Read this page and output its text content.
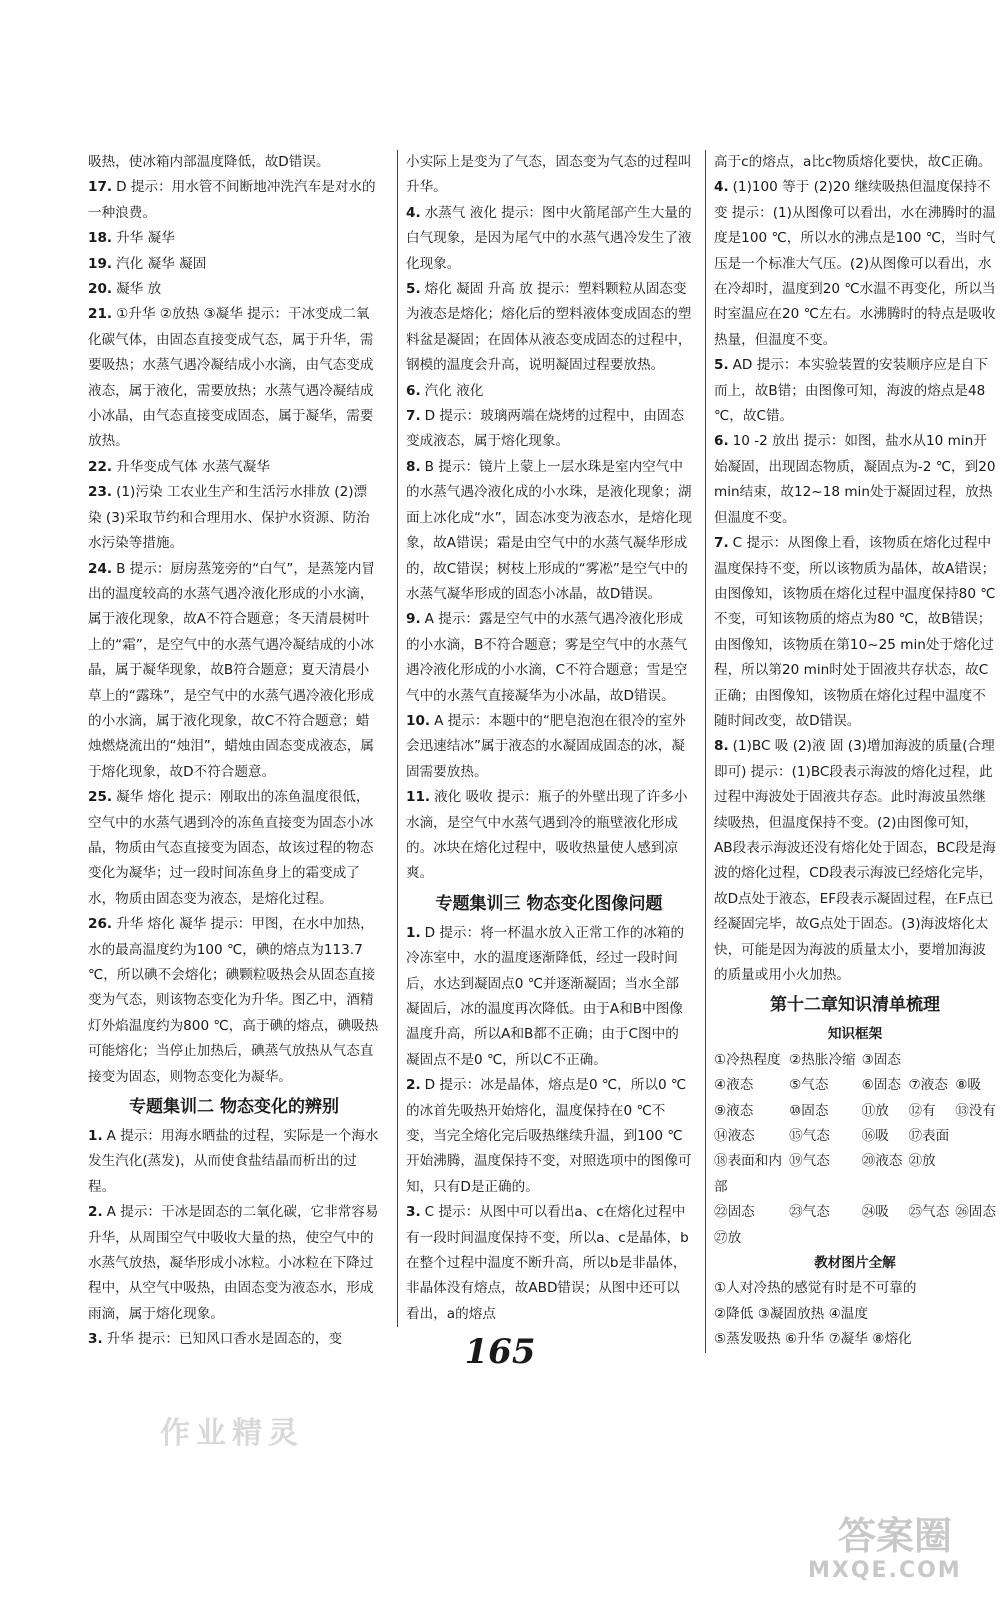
吸热，使冰箱内部温度降低，故D错误。

17. D 提示：用水管不间断地冲洗汽车是对水的一种浪费。

18. 升华 凝华

19. 汽化 凝华 凝固

20. 凝华 放

21. ①升华 ②放热 ③凝华 提示：干冰变成二氧化碳气体，由固态直接变成气态，属于升华，需要吸热；水蒸气遇冷凝结成小水滴，由气态变成液态，属于液化，需要放热；水蒸气遇冷凝结成小冰晶，由气态直接变成固态，属于凝华，需要放热。

22. 升华变成气体 水蒸气凝华

23. (1)污染 工农业生产和生活污水排放 (2)漂染 (3)采取节约和合理用水、保护水资源、防治水污染等措施。

24. B 提示：厨房蒸笼旁的“白气”，是蒸笼内冒出的温度较高的水蒸气遇冷液化形成的小水滴，属于液化现象，故A不符合题意；冬天清晨树叶上的“霜”，是空气中的水蒸气遇冷凝结成的小冰晶，属于凝华现象，故B符合题意；夏天清晨小草上的“露珠”，是空气中的水蒸气遇冷液化形成的小水滴，属于液化现象，故C不符合题意；蜡烛燃烧流出的“烛泪”，蜡烛由固态变成液态，属于熔化现象，故D不符合题意。

25. 凝华 熔化 提示：刚取出的冻鱼温度很低，空气中的水蒸气遇到冷的冻鱼直接变为固态小冰晶，物质由气态直接变为固态，故该过程的物态变化为凝华；过一段时间冻鱼身上的霜变成了水，物质由固态变为液态，是熔化过程。

26. 升华 熔化 凝华 提示：甲图，在水中加热，水的最高温度约为100 ℃，碘的熔点为113.7 ℃，所以碘不会熔化；碘颗粒吸热会从固态直接变为气态，则该物态变化为升华。图乙中，酒精灯外焰温度约为800 ℃，高于碘的熔点，碘吸热可能熔化；当停止加热后，碘蒸气放热从气态直接变为固态，则物态变化为凝华。

专题集训二 物态变化的辨别

1. A 提示：用海水晒盐的过程，实际是一个海水发生汽化(蒸发)，从而使食盐结晶而析出的过程。

2. A 提示：干冰是固态的二氧化碳，它非常容易升华，从周围空气中吸收大量的热，使空气中的水蒸气放热，凝华形成小冰粒。小冰粒在下降过程中，从空气中吸热，由固态变为液态水，形成雨滴，属于熔化现象。

3. 升华 提示：已知风口香水是固态的，变

小实际上是变为了气态，固态变为气态的过程叫升华。

4. 水蒸气 液化 提示：图中火箭尾部产生大量的白气现象，是因为尾气中的水蒸气遇冷发生了液化现象。

5. 熔化 凝固 升高 放 提示：塑料颗粒从固态变为液态是熔化；熔化后的塑料液体变成固态的塑料盆是凝固；在固体从液态变成固态的过程中，钢模的温度会升高，说明凝固过程要放热。

6. 汽化 液化

7. D 提示：玻璃两端在烧烤的过程中，由固态变成液态，属于熔化现象。

8. B 提示：镜片上蒙上一层水珠是室内空气中的水蒸气遇冷液化成的小水珠，是液化现象；湖面上冰化成“水”，固态冰变为液态水，是熔化现象，故A错误；霜是由空气中的水蒸气凝华形成的，故C错误；树枝上形成的“雾凇”是空气中的水蒸气凝华形成的固态小冰晶，故D错误。

9. A 提示：露是空气中的水蒸气遇冷液化形成的小水滴，B不符合题意；雾是空气中的水蒸气遇冷液化形成的小水滴，C不符合题意；雪是空气中的水蒸气直接凝华为小冰晶，故D错误。

10. A 提示：本题中的“肥皂泡泡在很冷的室外会迅速结冰”属于液态的水凝固成固态的冰，凝固需要放热。

11. 液化 吸收 提示：瓶子的外壁出现了许多小水滴，是空气中水蒸气遇到冷的瓶壁液化形成的。冰块在熔化过程中，吸收热量使人感到凉爽。

专题集训三 物态变化图像问题

1. D 提示：将一杯温水放入正常工作的冰箱的冷冻室中，水的温度逐渐降低，经过一段时间后，水达到凝固点0 ℃并逐渐凝固；当水全部凝固后，冰的温度再次降低。由于A和B中图像温度升高，所以A和B都不正确；由于C图中的凝固点不是0 ℃，所以C不正确。

2. D 提示：冰是晶体，熔点是0 ℃，所以0 ℃的冰首先吸热开始熔化，温度保持在0 ℃不变，当完全熔化完后吸热继续升温，到100 ℃开始沸腾，温度保持不变，对照选项中的图像可知，只有D是正确的。

3. C 提示：从图中可以看出a、c在熔化过程中有一段时间温度保持不变，所以a、c是晶体，b在整个过程中温度不断升高，所以b是非晶体，非晶体没有熔点，故ABD错误；从图中还可以看出，a的熔点

高于c的熔点，a比c物质熔化要快，故C正确。

4. (1)100 等于 (2)20 继续吸热但温度保持不变 提示：(1)从图像可以看出，水在沸腾时的温度是100 ℃，所以水的沸点是100 ℃，当时气压是一个标准大气压。(2)从图像可以看出，水在冷却时，温度到20 ℃水温不再变化，所以当时室温应在20 ℃左右。水沸腾时的特点是吸收热量，但温度不变。

5. AD 提示：本实验装置的安装顺序应是自下而上，故B错；由图像可知，海波的熔点是48 ℃，故C错。

6. 10 -2 放出 提示：如图，盐水从10 min开始凝固，出现固态物质，凝固点为-2 ℃，到20 min结束，故12~18 min处于凝固过程，放热但温度不变。

7. C 提示：从图像上看，该物质在熔化过程中温度保持不变，所以该物质为晶体，故A错误；由图像知，该物质在熔化过程中温度保持80 ℃不变，可知该物质的熔点为80 ℃，故B错误；由图像知，该物质在第10~25 min处于熔化过程，所以第20 min时处于固液共存状态，故C正确；由图像知，该物质在熔化过程中温度不随时间改变，故D错误。

8. (1)BC 吸 (2)液 固 (3)增加海波的质量(合理即可) 提示：(1)BC段表示海波的熔化过程，此过程中海波处于固液共存态。此时海波虽然继续吸热，但温度保持不变。(2)由图像可知，AB段表示海波还没有熔化处于固态，BC段是海波的熔化过程，CD段表示海波已经熔化完毕，故D点处于液态，EF段表示凝固过程，在F点已经凝固完毕，故G点处于固态。(3)海波熔化太快，可能是因为海波的质量太小，要增加海波的质量或用小火加热。

第十二章知识清单梳理
知识框架
①冷热程度 ②热胀冷缩 ③固态
④液态	⑤气态	⑥固态 ⑦液态 ⑧吸
⑨液态	⑩固态	⑪放	⑫有	⑬没有
⑭液态	⑮气态	⑯吸	⑰表面
⑱表面和内部
⑲气态	⑳液态 ㉑放
㉒固态	㉓气态	㉔吸	㉕气态 ㉖固态
㉗放
教材图片全解

①人对冷热的感觉有时是不可靠的

②降低 ③凝固放热 ④温度

⑤蒸发吸热 ⑥升华 ⑦凝华 ⑧熔化

165
作业精灵
答案圈
MXQE.COM
